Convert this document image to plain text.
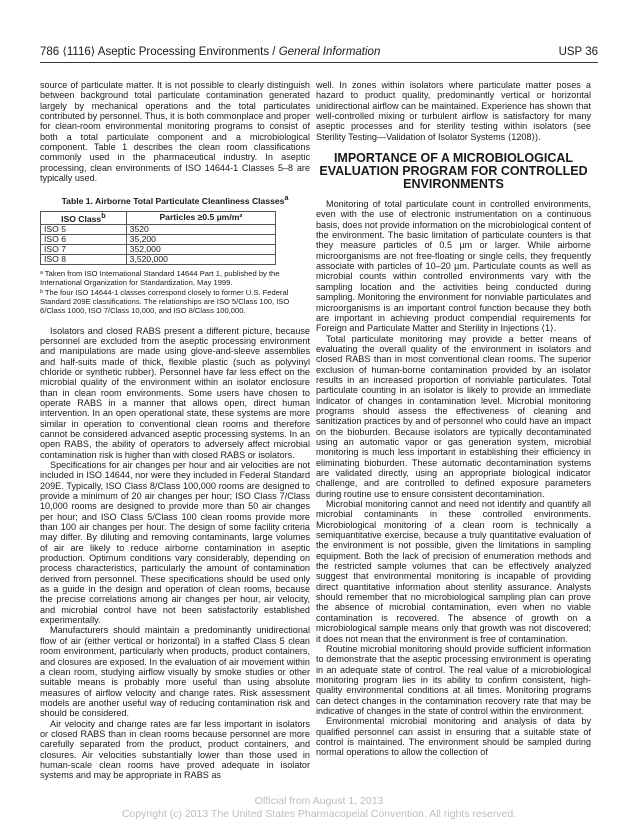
786 ⟨1116⟩ Aseptic Processing Environments / General Information	USP 36

source of particulate matter. It is not possible to clearly distinguish between background total particulate contamination generated largely by mechanical operations and the total particulates contributed by personnel. Thus, it is both commonplace and proper for clean-room environmental monitoring programs to consist of both a total particulate component and a microbiological component. Table 1 describes the clean room classifications commonly used in the pharmaceutical industry. In aseptic processing, clean environments of ISO 14644-1 Classes 5–8 are typically used.

Table 1. Airborne Total Particulate Cleanliness Classes$^a$
ISO Class$^b$	Particles ≥0.5 µm/m³
ISO 5	3520
ISO 6	35,200
ISO 7	352,000
ISO 8	3,520,000
ᵃ Taken from ISO International Standard 14644 Part 1, published by the International Organization for Standardization, May 1999.
ᵇ The four ISO 14644-1 classes correspond closely to former U.S. Federal Standard 209E classifications. The relationships are ISO 5/Class 100, ISO 6/Class 1000, ISO 7/Class 10,000, and ISO 8/Class 100,000.

Isolators and closed RABS present a different picture, because personnel are excluded from the aseptic processing environment and manipulations are made using glove-and-sleeve assemblies and half-suits made of thick, flexible plastic (such as polyvinyl chloride or synthetic rubber). Personnel have far less effect on the microbial quality of the environment within an isolator enclosure than in clean room environments. Some users have chosen to operate RABS in a manner that allows open, direct human intervention. In an open operational state, these systems are more similar in operation to conventional clean rooms and therefore cannot be considered advanced aseptic processing systems. In an open RABS, the ability of operators to adversely affect microbial contamination risk is higher than with closed RABS or isolators.

Specifications for air changes per hour and air velocities are not included in ISO 14644, nor were they included in Federal Standard 209E. Typically, ISO Class 8/Class 100,000 rooms are designed to provide a minimum of 20 air changes per hour; ISO Class 7/Class 10,000 rooms are designed to provide more than 50 air changes per hour; and ISO Class 5/Class 100 clean rooms provide more than 100 air changes per hour. The design of some facility criteria may differ. By diluting and removing contaminants, large volumes of air are likely to reduce airborne contamination in aseptic production. Optimum conditions vary considerably, depending on process characteristics, particularly the amount of contamination derived from personnel. These specifications should be used only as a guide in the design and operation of clean rooms, because the precise correlations among air changes per hour, air velocity, and microbial control have not been satisfactorily established experimentally.

Manufacturers should maintain a predominantly unidirectional flow of air (either vertical or horizontal) in a staffed Class 5 clean room environment, particularly when products, product containers, and closures are exposed. In the evaluation of air movement within a clean room, studying airflow visually by smoke studies or other suitable means is probably more useful than using absolute measures of airflow velocity and change rates. Risk assessment models are another useful way of reducing contamination risk and should be considered.

Air velocity and change rates are far less important in isolators or closed RABS than in clean rooms because personnel are more carefully separated from the product, product containers, and closures. Air velocities substantially lower than those used in human-scale clean rooms have proved adequate in isolator systems and may be appropriate in RABS as

well. In zones within isolators where particulate matter poses a hazard to product quality, predominantly vertical or horizontal unidirectional airflow can be maintained. Experience has shown that well-controlled mixing or turbulent airflow is satisfactory for many aseptic processes and for sterility testing within isolators (see Sterility Testing—Validation of Isolator Systems ⟨1208⟩).

IMPORTANCE OF A MICROBIOLOGICAL EVALUATION PROGRAM FOR CONTROLLED ENVIRONMENTS

Monitoring of total particulate count in controlled environments, even with the use of electronic instrumentation on a continuous basis, does not provide information on the microbiological content of the environment. The basic limitation of particulate counters is that they measure particles of 0.5 µm or larger. While airborne microorganisms are not free-floating or single cells, they frequently associate with particles of 10–20 µm. Particulate counts as well as microbial counts within controlled environments vary with the sampling location and the activities being conducted during sampling. Monitoring the environment for nonviable particulates and microorganisms is an important control function because they both are important in achieving product compendial requirements for Foreign and Particulate Matter and Sterility in Injections ⟨1⟩.

Total particulate monitoring may provide a better means of evaluating the overall quality of the environment in isolators and closed RABS than in most conventional clean rooms. The superior exclusion of human-borne contamination provided by an isolator results in an increased proportion of nonviable particulates. Total particulate counting in an isolator is likely to provide an immediate indicator of changes in contamination level. Microbial monitoring programs should assess the effectiveness of cleaning and sanitization practices by and of personnel who could have an impact on the bioburden. Because isolators are typically decontaminated using an automatic vapor or gas generation system, microbial monitoring is much less important in establishing their efficiency in eliminating bioburden. These automatic decontamination systems are validated directly, using an appropriate biological indicator challenge, and are controlled to defined exposure parameters during routine use to ensure consistent decontamination.

Microbial monitoring cannot and need not identify and quantify all microbial contaminants in these controlled environments. Microbiological monitoring of a clean room is technically a semiquantitative exercise, because a truly quantitative evaluation of the environment is not possible, given the limitations in sampling equipment. Both the lack of precision of enumeration methods and the restricted sample volumes that can be effectively analyzed suggest that environmental monitoring is incapable of providing direct quantitative information about sterility assurance. Analysts should remember that no microbiological sampling plan can prove the absence of microbial contamination, even when no viable contamination is recovered. The absence of growth on a microbiological sample means only that growth was not discovered; it does not mean that the environment is free of contamination.

Routine microbial monitoring should provide sufficient information to demonstrate that the aseptic processing environment is operating in an adequate state of control. The real value of a microbiological monitoring program lies in its ability to confirm consistent, high-quality environmental conditions at all times. Monitoring programs can detect changes in the contamination recovery rate that may be indicative of changes in the state of control within the environment.

Environmental microbial monitoring and analysis of data by qualified personnel can assist in ensuring that a suitable state of control is maintained. The environment should be sampled during normal operations to allow the collection of

Official from August 1, 2013
Copyright (c) 2013 The United States Pharmacopeial Convention. All rights reserved.
